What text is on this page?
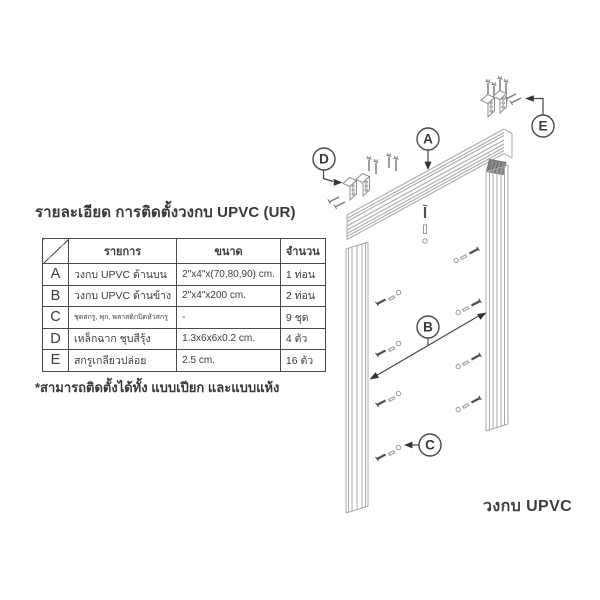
A
B
C
D
E
รายละเอียด การติดตั้งวงกบ UPVC (UR)
	รายการ	ขนาด	จำนวน
A	วงกบ UPVC ด้านบน	2"x4"x(70,80,90) cm.	1 ท่อน
B	วงกบ UPVC ด้านข้าง	2"x4"x200 cm.	2 ท่อน
C	ชุดสกรู, พุก, พลาสติกปิดหัวสกรู	-	9 ชุด
D	เหล็กฉาก ชุบสีรุ้ง	1.3x6x6x0.2 cm.	4 ตัว
E	สกรูเกลียวปล่อย	2.5 cm.	16 ตัว
*สามารถติดตั้งได้ทั้ง แบบเปียก และแบบแห้ง
วงกบ UPVC
